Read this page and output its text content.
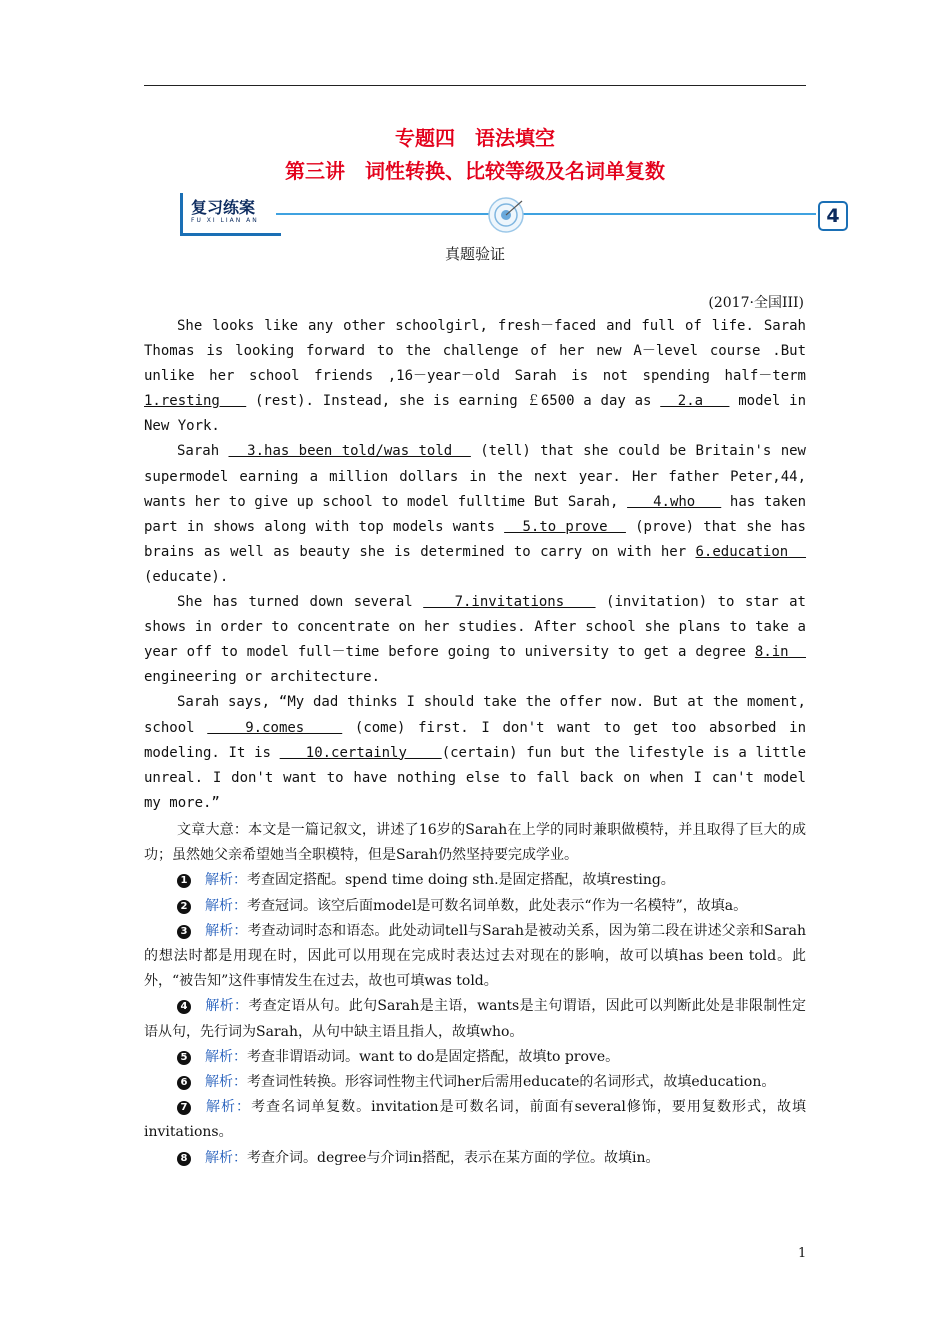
专题四　语法填空
第三讲　词性转换、比较等级及名词单复数
复习练案
FU XI LIAN AN	4
真题验证
(2017·全国III)

She looks like any other schoolgirl, fresh－faced and full of life. Sarah Thomas is looking forward to the challenge of her new A－level course .But unlike her school friends ,16－year－old Sarah is not spending half－term 1.resting    (rest). Instead, she is earning ￡6500 a day as   2.a    model in New York.

Sarah   3.has been told/was told   (tell) that she could be Britain's new supermodel earning a million dollars in the next year. Her father Peter,44, wants her to give up school to model fulltime But Sarah,    4.who    has taken part in shows along with top models wants   5.to prove   (prove) that she has brains as well as beauty she is determined to carry on with her 6.education   (educate).

She has turned down several    7.invitations    (invitation) to star at shows in order to concentrate on her studies. After school she plans to take a year off to model full－time before going to university to get a degree 8.in   engineering or architecture.

Sarah says, “My dad thinks I should take the offer now. But at the moment, school    9.comes    (come) first. I don't want to get too absorbed in modeling. It is    10.certainly    (certain) fun but the lifestyle is a little unreal. I don't want to have nothing else to fall back on when I can't model my more.”

文章大意：本文是一篇记叙文，讲述了16岁的Sarah在上学的同时兼职做模特，并且取得了巨大的成功；虽然她父亲希望她当全职模特，但是Sarah仍然坚持要完成学业。

1 解析：考查固定搭配。spend time doing sth.是固定搭配，故填resting。

2 解析：考查冠词。该空后面model是可数名词单数，此处表示“作为一名模特”，故填a。

3 解析：考查动词时态和语态。此处动词tell与Sarah是被动关系，因为第二段在讲述父亲和Sarah的想法时都是用现在时，因此可以用现在完成时表达过去对现在的影响，故可以填has been told。此外，“被告知”这件事情发生在过去，故也可填was told。

4 解析：考查定语从句。此句Sarah是主语，wants是主句谓语，因此可以判断此处是非限制性定语从句，先行词为Sarah，从句中缺主语且指人，故填who。

5 解析：考查非谓语动词。want to do是固定搭配，故填to prove。

6 解析：考查词性转换。形容词性物主代词her后需用educate的名词形式，故填education。

7 解析：考查名词单复数。invitation是可数名词，前面有several修饰，要用复数形式，故填invitations。

8 解析：考查介词。degree与介词in搭配，表示在某方面的学位。故填in。

1
